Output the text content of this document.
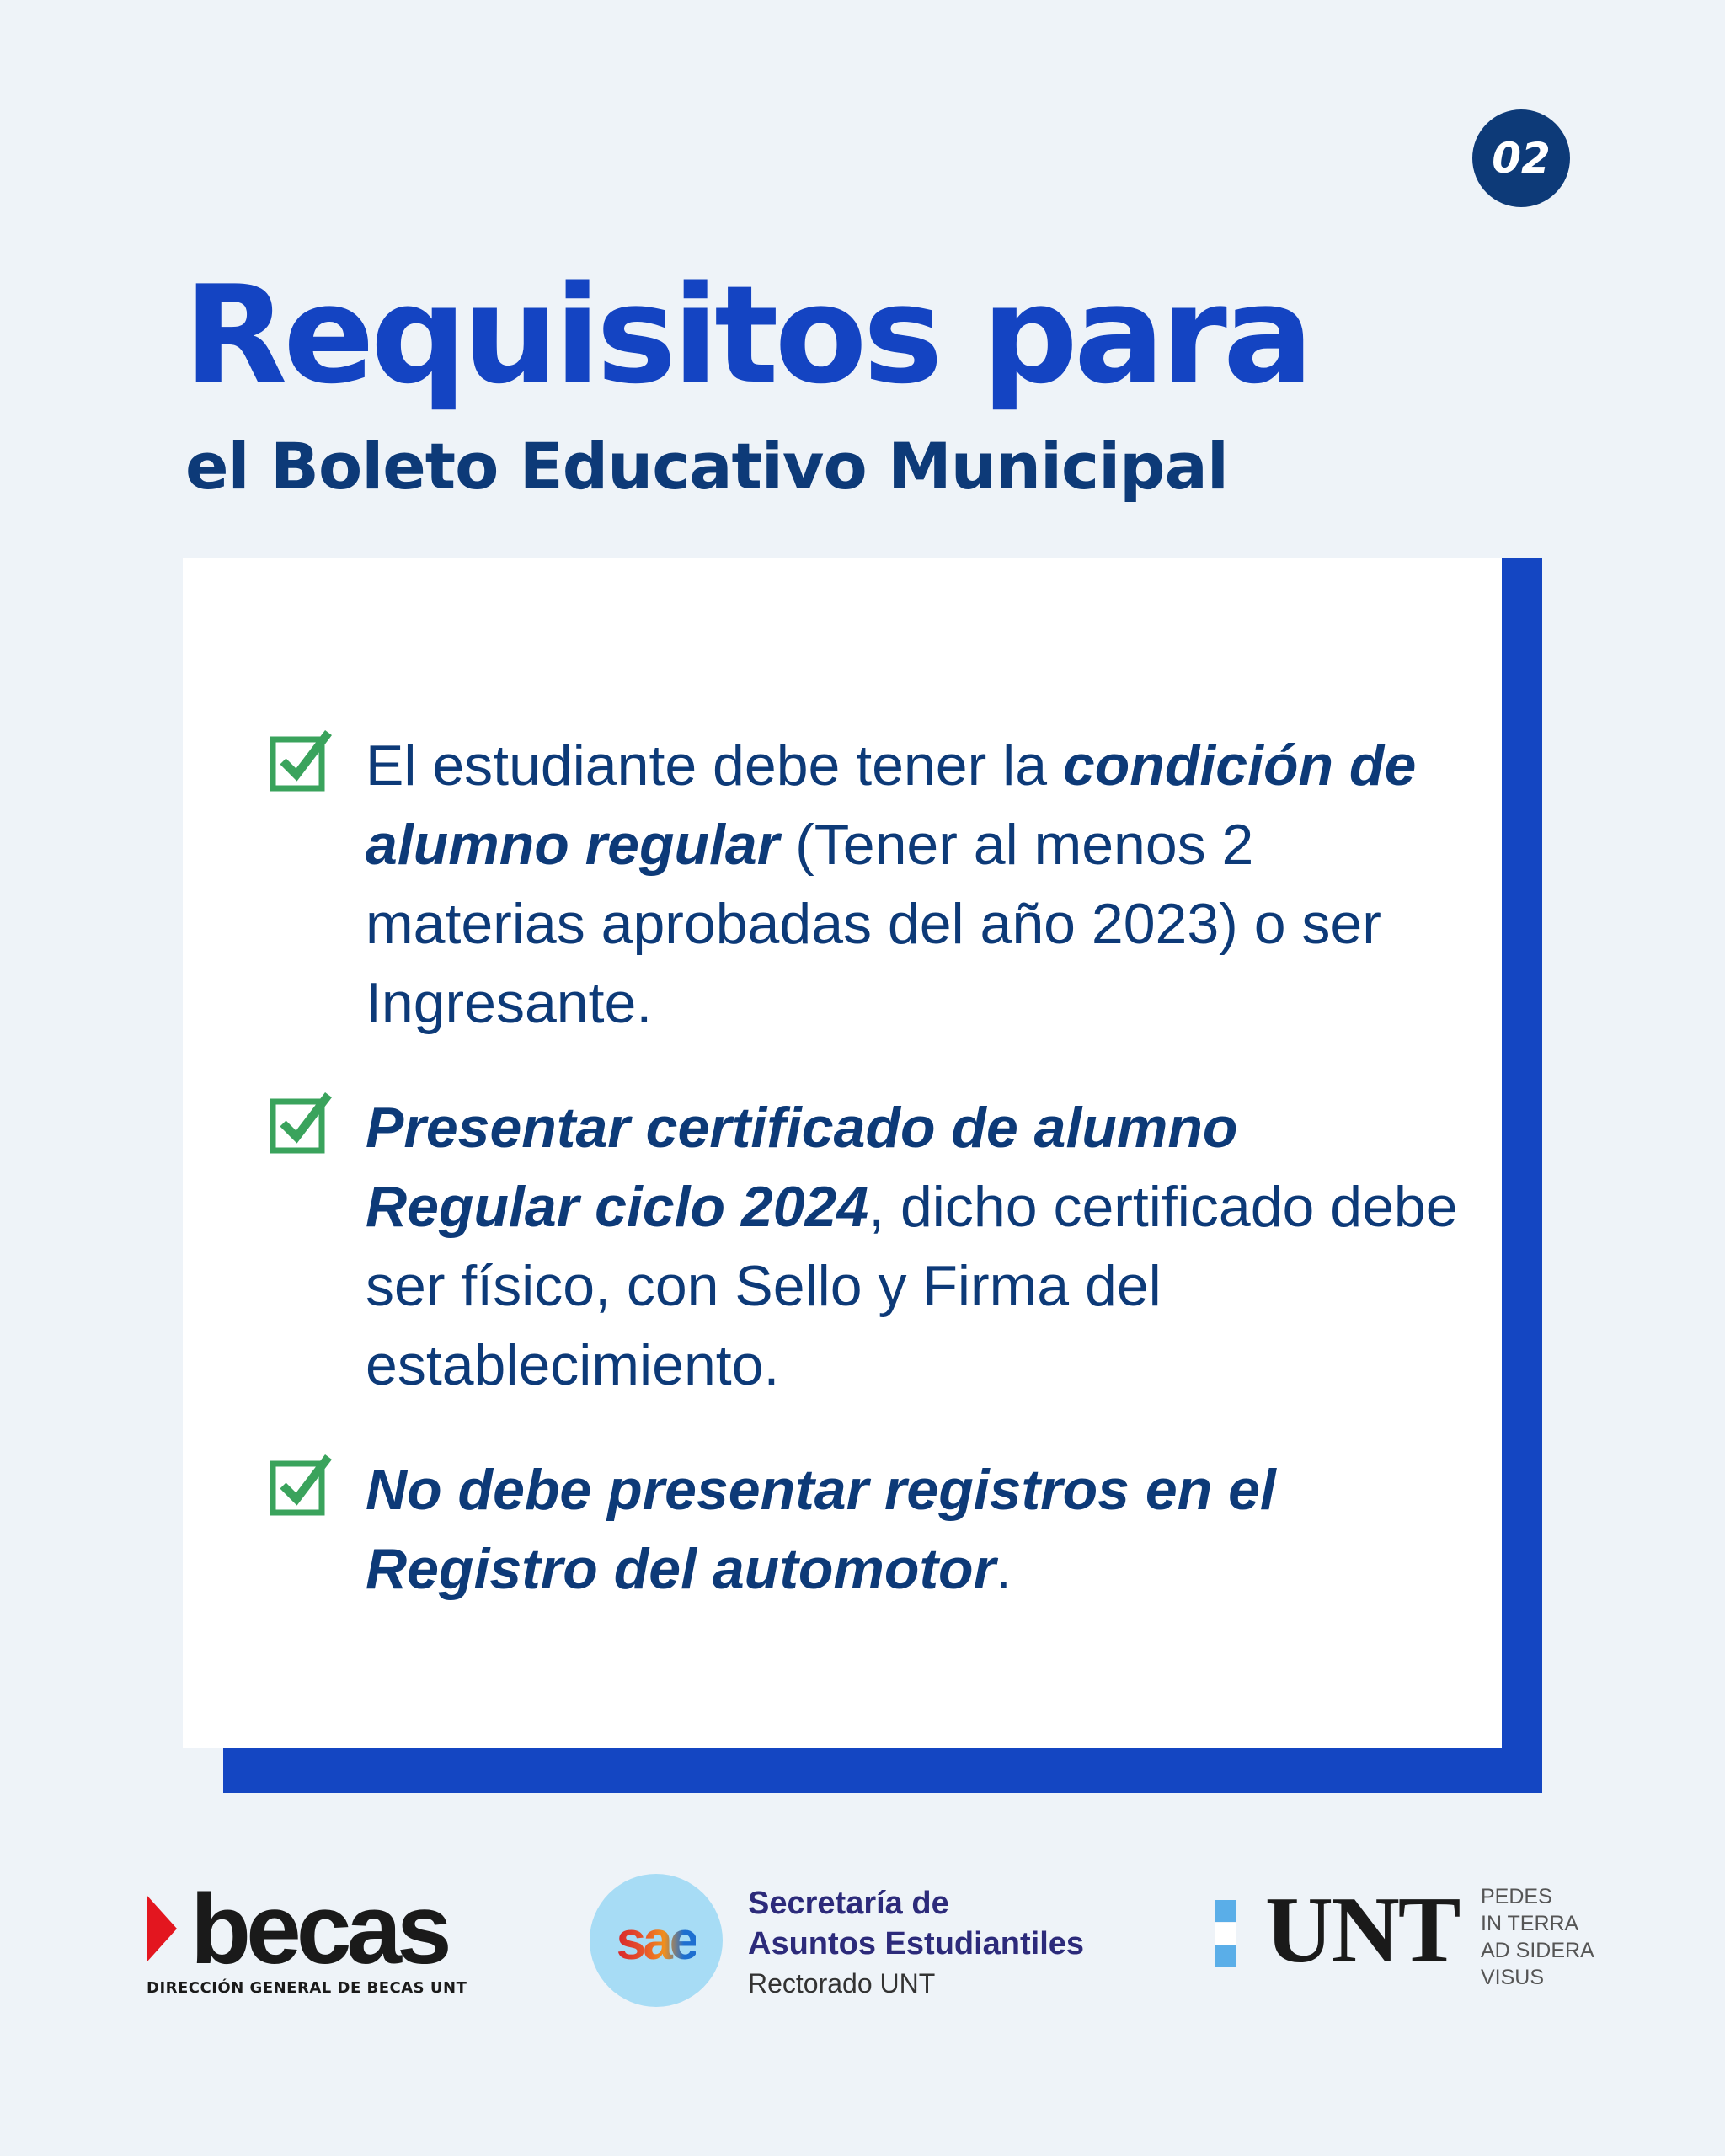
02
Requisitos para
el Boleto Educativo Municipal
El estudiante debe tener la condición de alumno regular (Tener al menos 2 materias aprobadas del año 2023) o ser Ingresante.
Presentar certificado de alumno Regular ciclo 2024, dicho certificado debe ser físico, con Sello y Firma del establecimiento.
No debe presentar registros en el Registro del automotor.
becas
DIRECCIÓN GENERAL DE BECAS UNT
sae
Secretaría de
Asuntos Estudiantiles
Rectorado UNT
UNT PEDES
IN TERRA
AD SIDERA
VISUS
